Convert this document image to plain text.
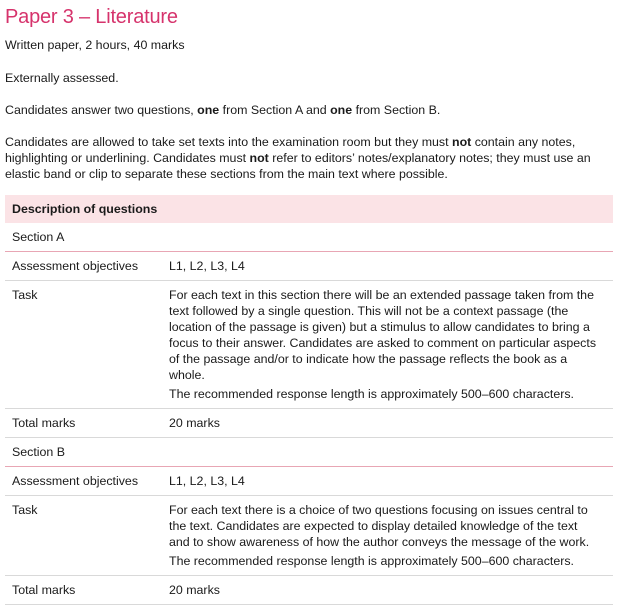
Paper 3 – Literature

Written paper, 2 hours, 40 marks

Externally assessed.

Candidates answer two questions, one from Section A and one from Section B.

Candidates are allowed to take set texts into the examination room but they must not contain any notes, highlighting or underlining. Candidates must not refer to editors’ notes/explanatory notes; they must use an elastic band or clip to separate these sections from the main text where possible.

Description of questions	
Section A	
Assessment objectives	L1, L2, L3, L4
Task	For each text in this section there will be an extended passage taken from the text followed by a single question. This will not be a context passage (the location of the passage is given) but a stimulus to allow candidates to bring a focus to their answer. Candidates are asked to comment on particular aspects of the passage and/or to indicate how the passage reflects the book as a whole.
The recommended response length is approximately 500–600 characters.

Total marks	20 marks
Section B	
Assessment objectives	L1, L2, L3, L4
Task	For each text there is a choice of two questions focusing on issues central to the text. Candidates are expected to display detailed knowledge of the text and to show awareness of how the author conveys the message of the work.
The recommended response length is approximately 500–600 characters.

Total marks	20 marks
